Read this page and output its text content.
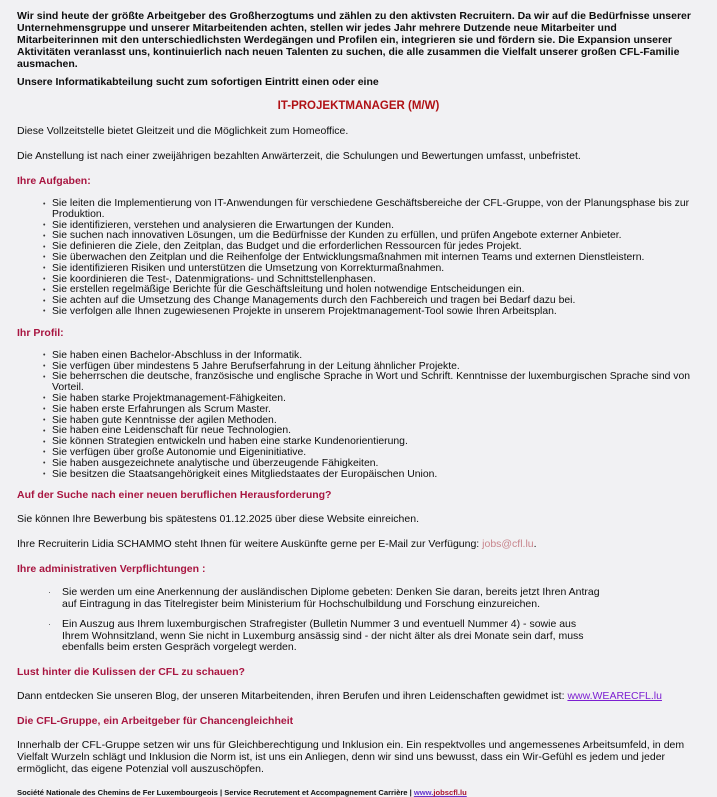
Wir sind heute der größte Arbeitgeber des Großherzogtums und zählen zu den aktivsten Recruitern. Da wir auf die Bedürfnisse unserer Unternehmensgruppe und unserer Mitarbeitenden achten, stellen wir jedes Jahr mehrere Dutzende neue Mitarbeiter und Mitarbeiterinnen mit den unterschiedlichsten Werdegängen und Profilen ein, integrieren sie und fördern sie. Die Expansion unserer Aktivitäten veranlasst uns, kontinuierlich nach neuen Talenten zu suchen, die alle zusammen die Vielfalt unserer großen CFL-Familie ausmachen.

Unsere Informatikabteilung sucht zum sofortigen Eintritt einen oder eine

IT-PROJEKTMANAGER (M/W)

Diese Vollzeitstelle bietet Gleitzeit und die Möglichkeit zum Homeoffice.

Die Anstellung ist nach einer zweijährigen bezahlten Anwärterzeit, die Schulungen und Bewertungen umfasst, unbefristet.

Ihre Aufgaben:
• Sie leiten die Implementierung von IT-Anwendungen für verschiedene Geschäftsbereiche der CFL-Gruppe, von der Planungsphase bis zur Produktion.
• Sie identifizieren, verstehen und analysieren die Erwartungen der Kunden.
• Sie suchen nach innovativen Lösungen, um die Bedürfnisse der Kunden zu erfüllen, und prüfen Angebote externer Anbieter.
• Sie definieren die Ziele, den Zeitplan, das Budget und die erforderlichen Ressourcen für jedes Projekt.
• Sie überwachen den Zeitplan und die Reihenfolge der Entwicklungsmaßnahmen mit internen Teams und externen Dienstleistern.
• Sie identifizieren Risiken und unterstützen die Umsetzung von Korrekturmaßnahmen.
• Sie koordinieren die Test-, Datenmigrations- und Schnittstellenphasen.
• Sie erstellen regelmäßige Berichte für die Geschäftsleitung und holen notwendige Entscheidungen ein.
• Sie achten auf die Umsetzung des Change Managements durch den Fachbereich und tragen bei Bedarf dazu bei.
• Sie verfolgen alle Ihnen zugewiesenen Projekte in unserem Projektmanagement-Tool sowie Ihren Arbeitsplan.
Ihr Profil:
• Sie haben einen Bachelor-Abschluss in der Informatik.
• Sie verfügen über mindestens 5 Jahre Berufserfahrung in der Leitung ähnlicher Projekte.
• Sie beherrschen die deutsche, französische und englische Sprache in Wort und Schrift. Kenntnisse der luxemburgischen Sprache sind von Vorteil.
• Sie haben starke Projektmanagement-Fähigkeiten.
• Sie haben erste Erfahrungen als Scrum Master.
• Sie haben gute Kenntnisse der agilen Methoden.
• Sie haben eine Leidenschaft für neue Technologien.
• Sie können Strategien entwickeln und haben eine starke Kundenorientierung.
• Sie verfügen über große Autonomie und Eigeninitiative.
• Sie haben ausgezeichnete analytische und überzeugende Fähigkeiten.
• Sie besitzen die Staatsangehörigkeit eines Mitgliedstaates der Europäischen Union.
Auf der Suche nach einer neuen beruflichen Herausforderung?

Sie können Ihre Bewerbung bis spätestens 01.12.2025 über diese Website einreichen.

Ihre Recruiterin Lidia SCHAMMO steht Ihnen für weitere Auskünfte gerne per E-Mail zur Verfügung: jobs@cfl.lu.

Ihre administrativen Verpflichtungen :
· Sie werden um eine Anerkennung der ausländischen Diplome gebeten: Denken Sie daran, bereits jetzt Ihren Antrag auf Eintragung in das Titelregister beim Ministerium für Hochschulbildung und Forschung einzureichen.
· Ein Auszug aus Ihrem luxemburgischen Strafregister (Bulletin Nummer 3 und eventuell Nummer 4) - sowie aus Ihrem Wohnsitzland, wenn Sie nicht in Luxemburg ansässig sind - der nicht älter als drei Monate sein darf, muss ebenfalls beim ersten Gespräch vorgelegt werden.
Lust hinter die Kulissen der CFL zu schauen?

Dann entdecken Sie unseren Blog, der unseren Mitarbeitenden, ihren Berufen und ihren Leidenschaften gewidmet ist: www.WEARECFL.lu

Die CFL-Gruppe, ein Arbeitgeber für Chancengleichheit

Innerhalb der CFL-Gruppe setzen wir uns für Gleichberechtigung und Inklusion ein. Ein respektvolles und angemessenes Arbeitsumfeld, in dem Vielfalt Wurzeln schlägt und Inklusion die Norm ist, ist uns ein Anliegen, denn wir sind uns bewusst, dass ein Wir-Gefühl es jedem und jeder ermöglicht, das eigene Potenzial voll auszuschöpfen.

Société Nationale des Chemins de Fer Luxembourgeois | Service Recrutement et Accompagnement Carrière | www.jobscfl.lu
